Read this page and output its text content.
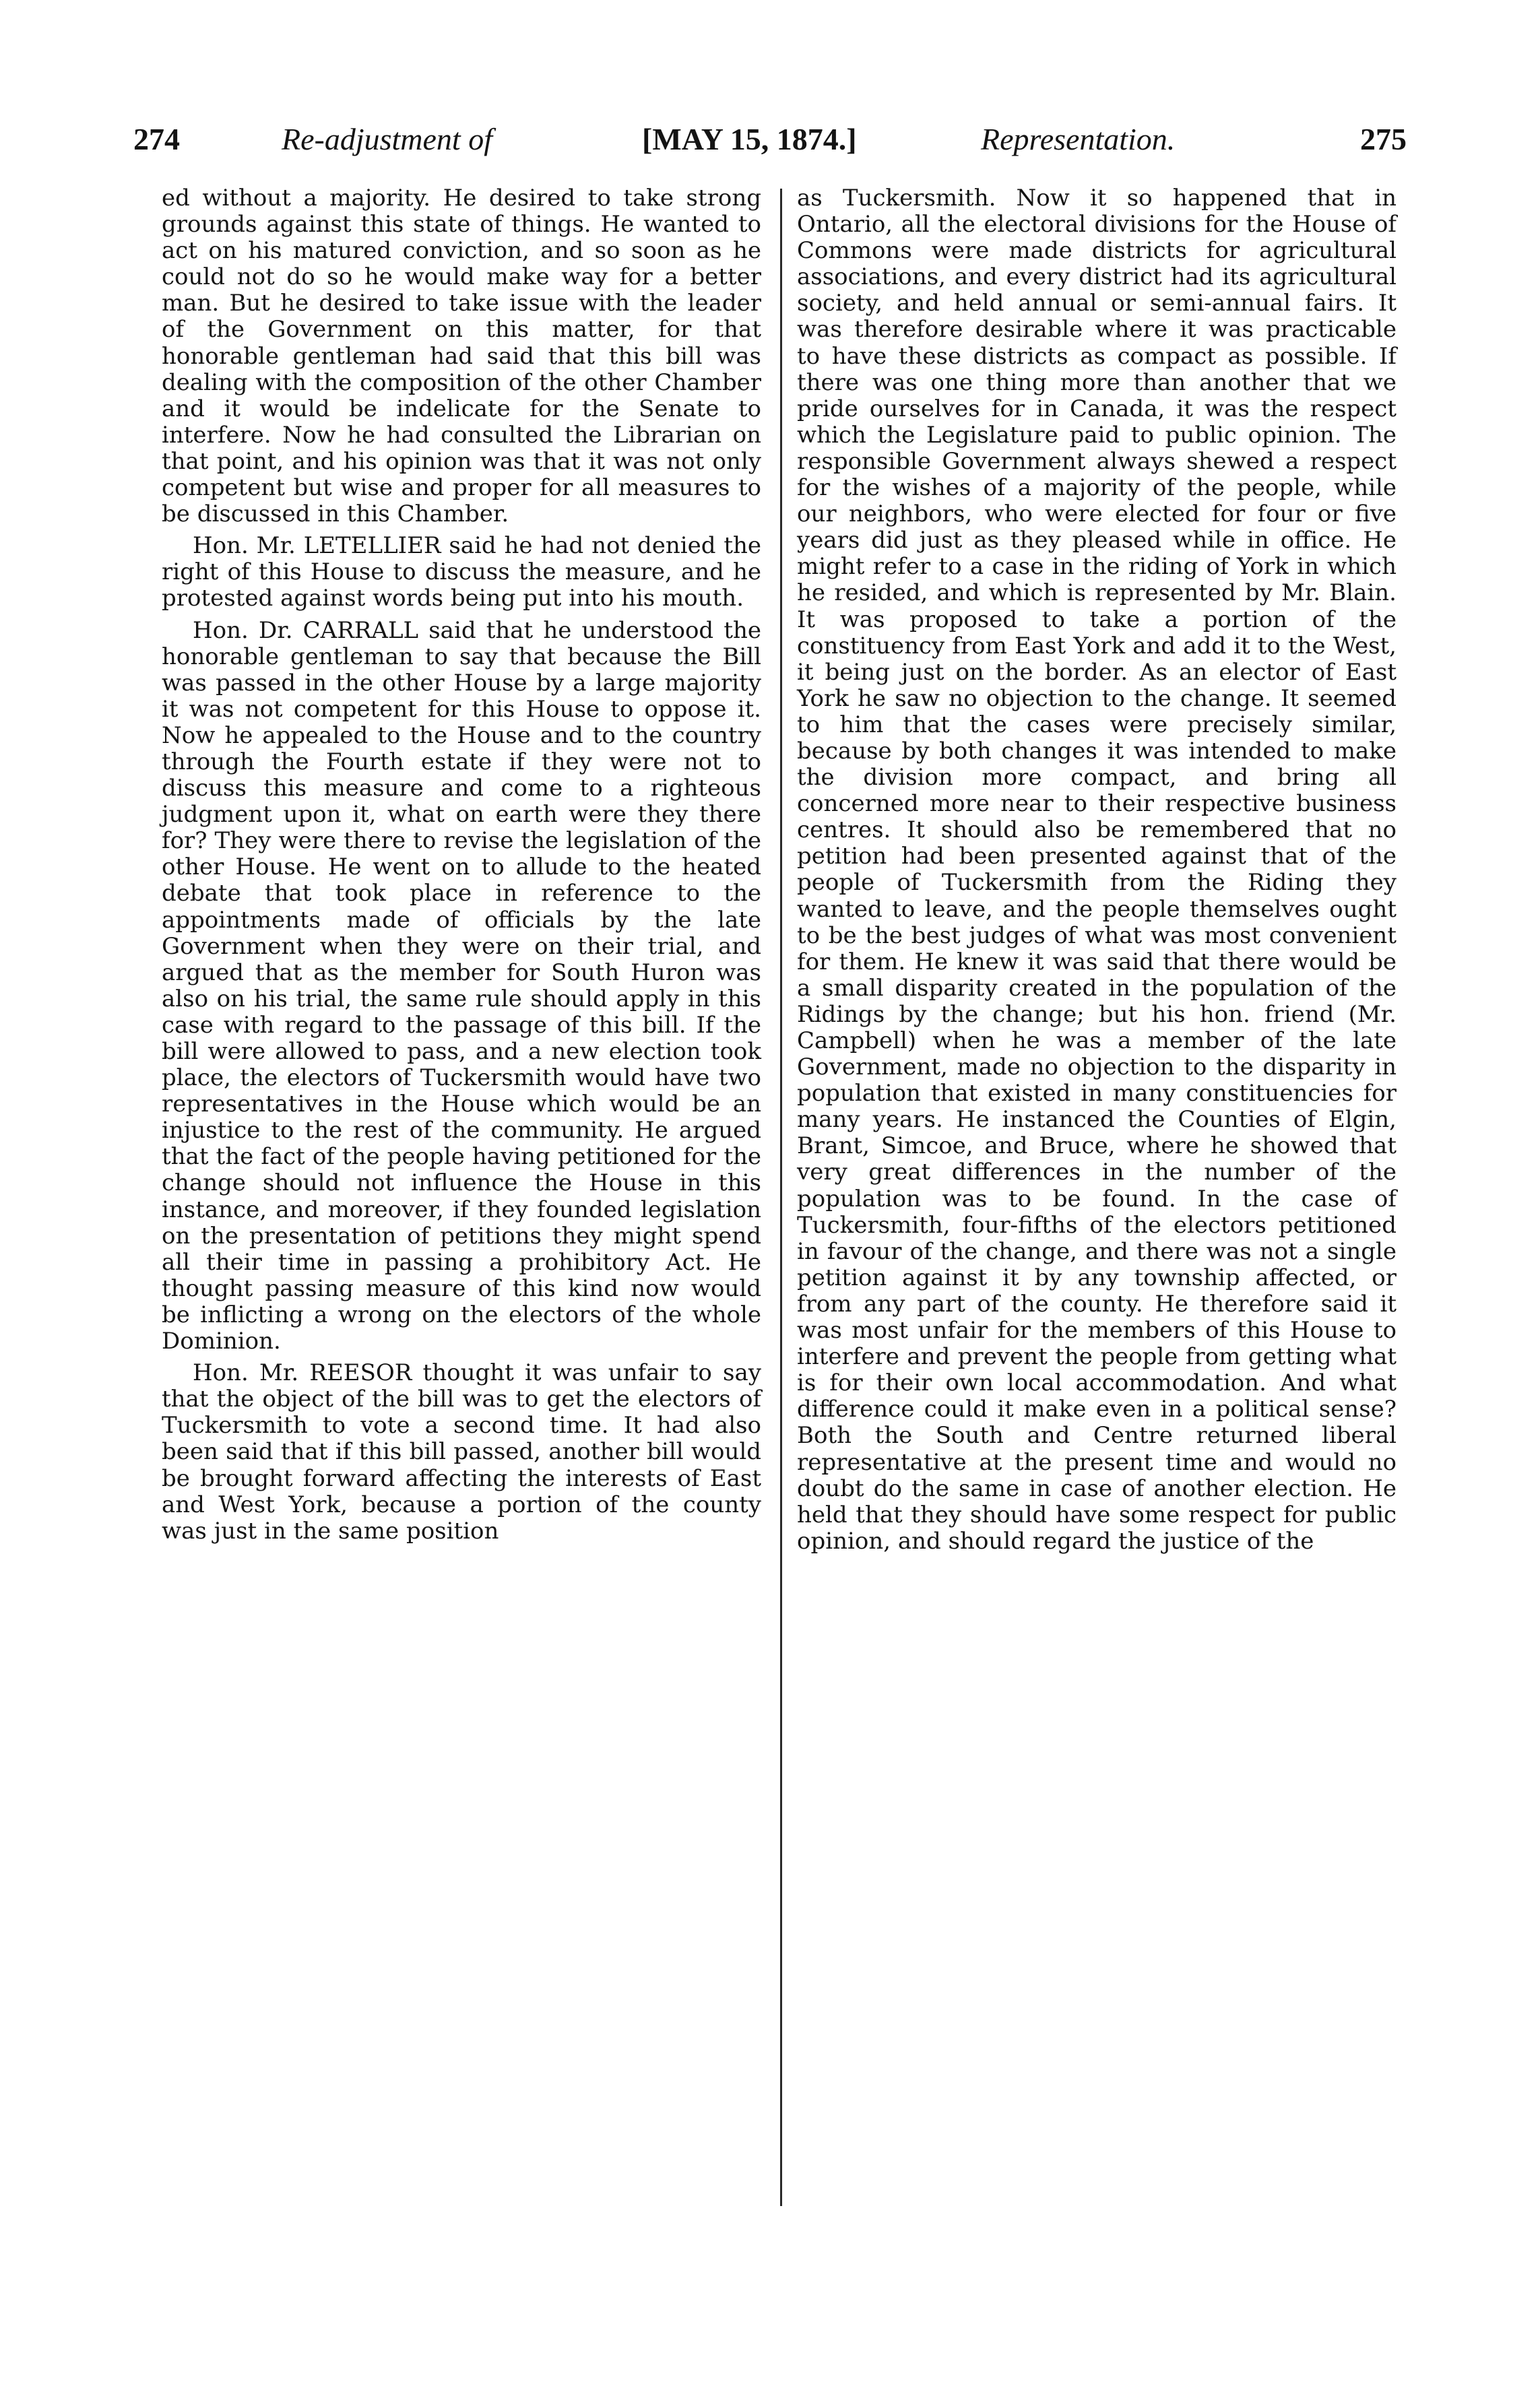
274	Re-adjustment of	[MAY 15, 1874.]	Representation.	275

ed without a majority. He desired to take strong grounds against this state of things. He wanted to act on his matured conviction, and so soon as he could not do so he would make way for a better man. But he desired to take issue with the leader of the Government on this matter, for that honorable gentleman had said that this bill was dealing with the composition of the other Chamber and it would be indelicate for the Senate to interfere. Now he had consulted the Librarian on that point, and his opinion was that it was not only competent but wise and proper for all measures to be discussed in this Chamber.

Hon. Mr. LETELLIER said he had not denied the right of this House to discuss the measure, and he protested against words being put into his mouth.

Hon. Dr. CARRALL said that he understood the honorable gentleman to say that because the Bill was passed in the other House by a large majority it was not competent for this House to oppose it. Now he appealed to the House and to the country through the Fourth estate if they were not to discuss this measure and come to a righteous judgment upon it, what on earth were they there for? They were there to revise the legislation of the other House. He went on to allude to the heated debate that took place in reference to the appointments made of officials by the late Government when they were on their trial, and argued that as the member for South Huron was also on his trial, the same rule should apply in this case with regard to the passage of this bill. If the bill were allowed to pass, and a new election took place, the electors of Tuckersmith would have two representatives in the House which would be an injustice to the rest of the community. He argued that the fact of the people having petitioned for the change should not influence the House in this instance, and moreover, if they founded legislation on the presentation of petitions they might spend all their time in passing a prohibitory Act. He thought passing measure of this kind now would be inflicting a wrong on the electors of the whole Dominion.

Hon. Mr. REESOR thought it was unfair to say that the object of the bill was to get the electors of Tuckersmith to vote a second time. It had also been said that if this bill passed, another bill would be brought forward affecting the interests of East and West York, because a portion of the county was just in the same position

as Tuckersmith. Now it so happened that in Ontario, all the electoral divisions for the House of Commons were made districts for agricultural associations, and every district had its agricultural society, and held annual or semi-annual fairs. It was therefore desirable where it was practicable to have these districts as compact as possible. If there was one thing more than another that we pride ourselves for in Canada, it was the respect which the Legislature paid to public opinion. The responsible Government always shewed a respect for the wishes of a majority of the people, while our neighbors, who were elected for four or five years did just as they pleased while in office. He might refer to a case in the riding of York in which he resided, and which is represented by Mr. Blain. It was proposed to take a portion of the constituency from East York and add it to the West, it being just on the border. As an elector of East York he saw no objection to the change. It seemed to him that the cases were precisely similar, because by both changes it was intended to make the division more compact, and bring all concerned more near to their respective business centres. It should also be remembered that no petition had been presented against that of the people of Tuckersmith from the Riding they wanted to leave, and the people themselves ought to be the best judges of what was most convenient for them. He knew it was said that there would be a small disparity created in the population of the Ridings by the change; but his hon. friend (Mr. Campbell) when he was a member of the late Government, made no objection to the disparity in population that existed in many constituencies for many years. He instanced the Counties of Elgin, Brant, Simcoe, and Bruce, where he showed that very great differences in the number of the population was to be found. In the case of Tuckersmith, four-fifths of the electors petitioned in favour of the change, and there was not a single petition against it by any township affected, or from any part of the county. He therefore said it was most unfair for the members of this House to interfere and prevent the people from getting what is for their own local accommodation. And what difference could it make even in a political sense? Both the South and Centre returned liberal representative at the present time and would no doubt do the same in case of another election. He held that they should have some respect for public opinion, and should regard the justice of the
